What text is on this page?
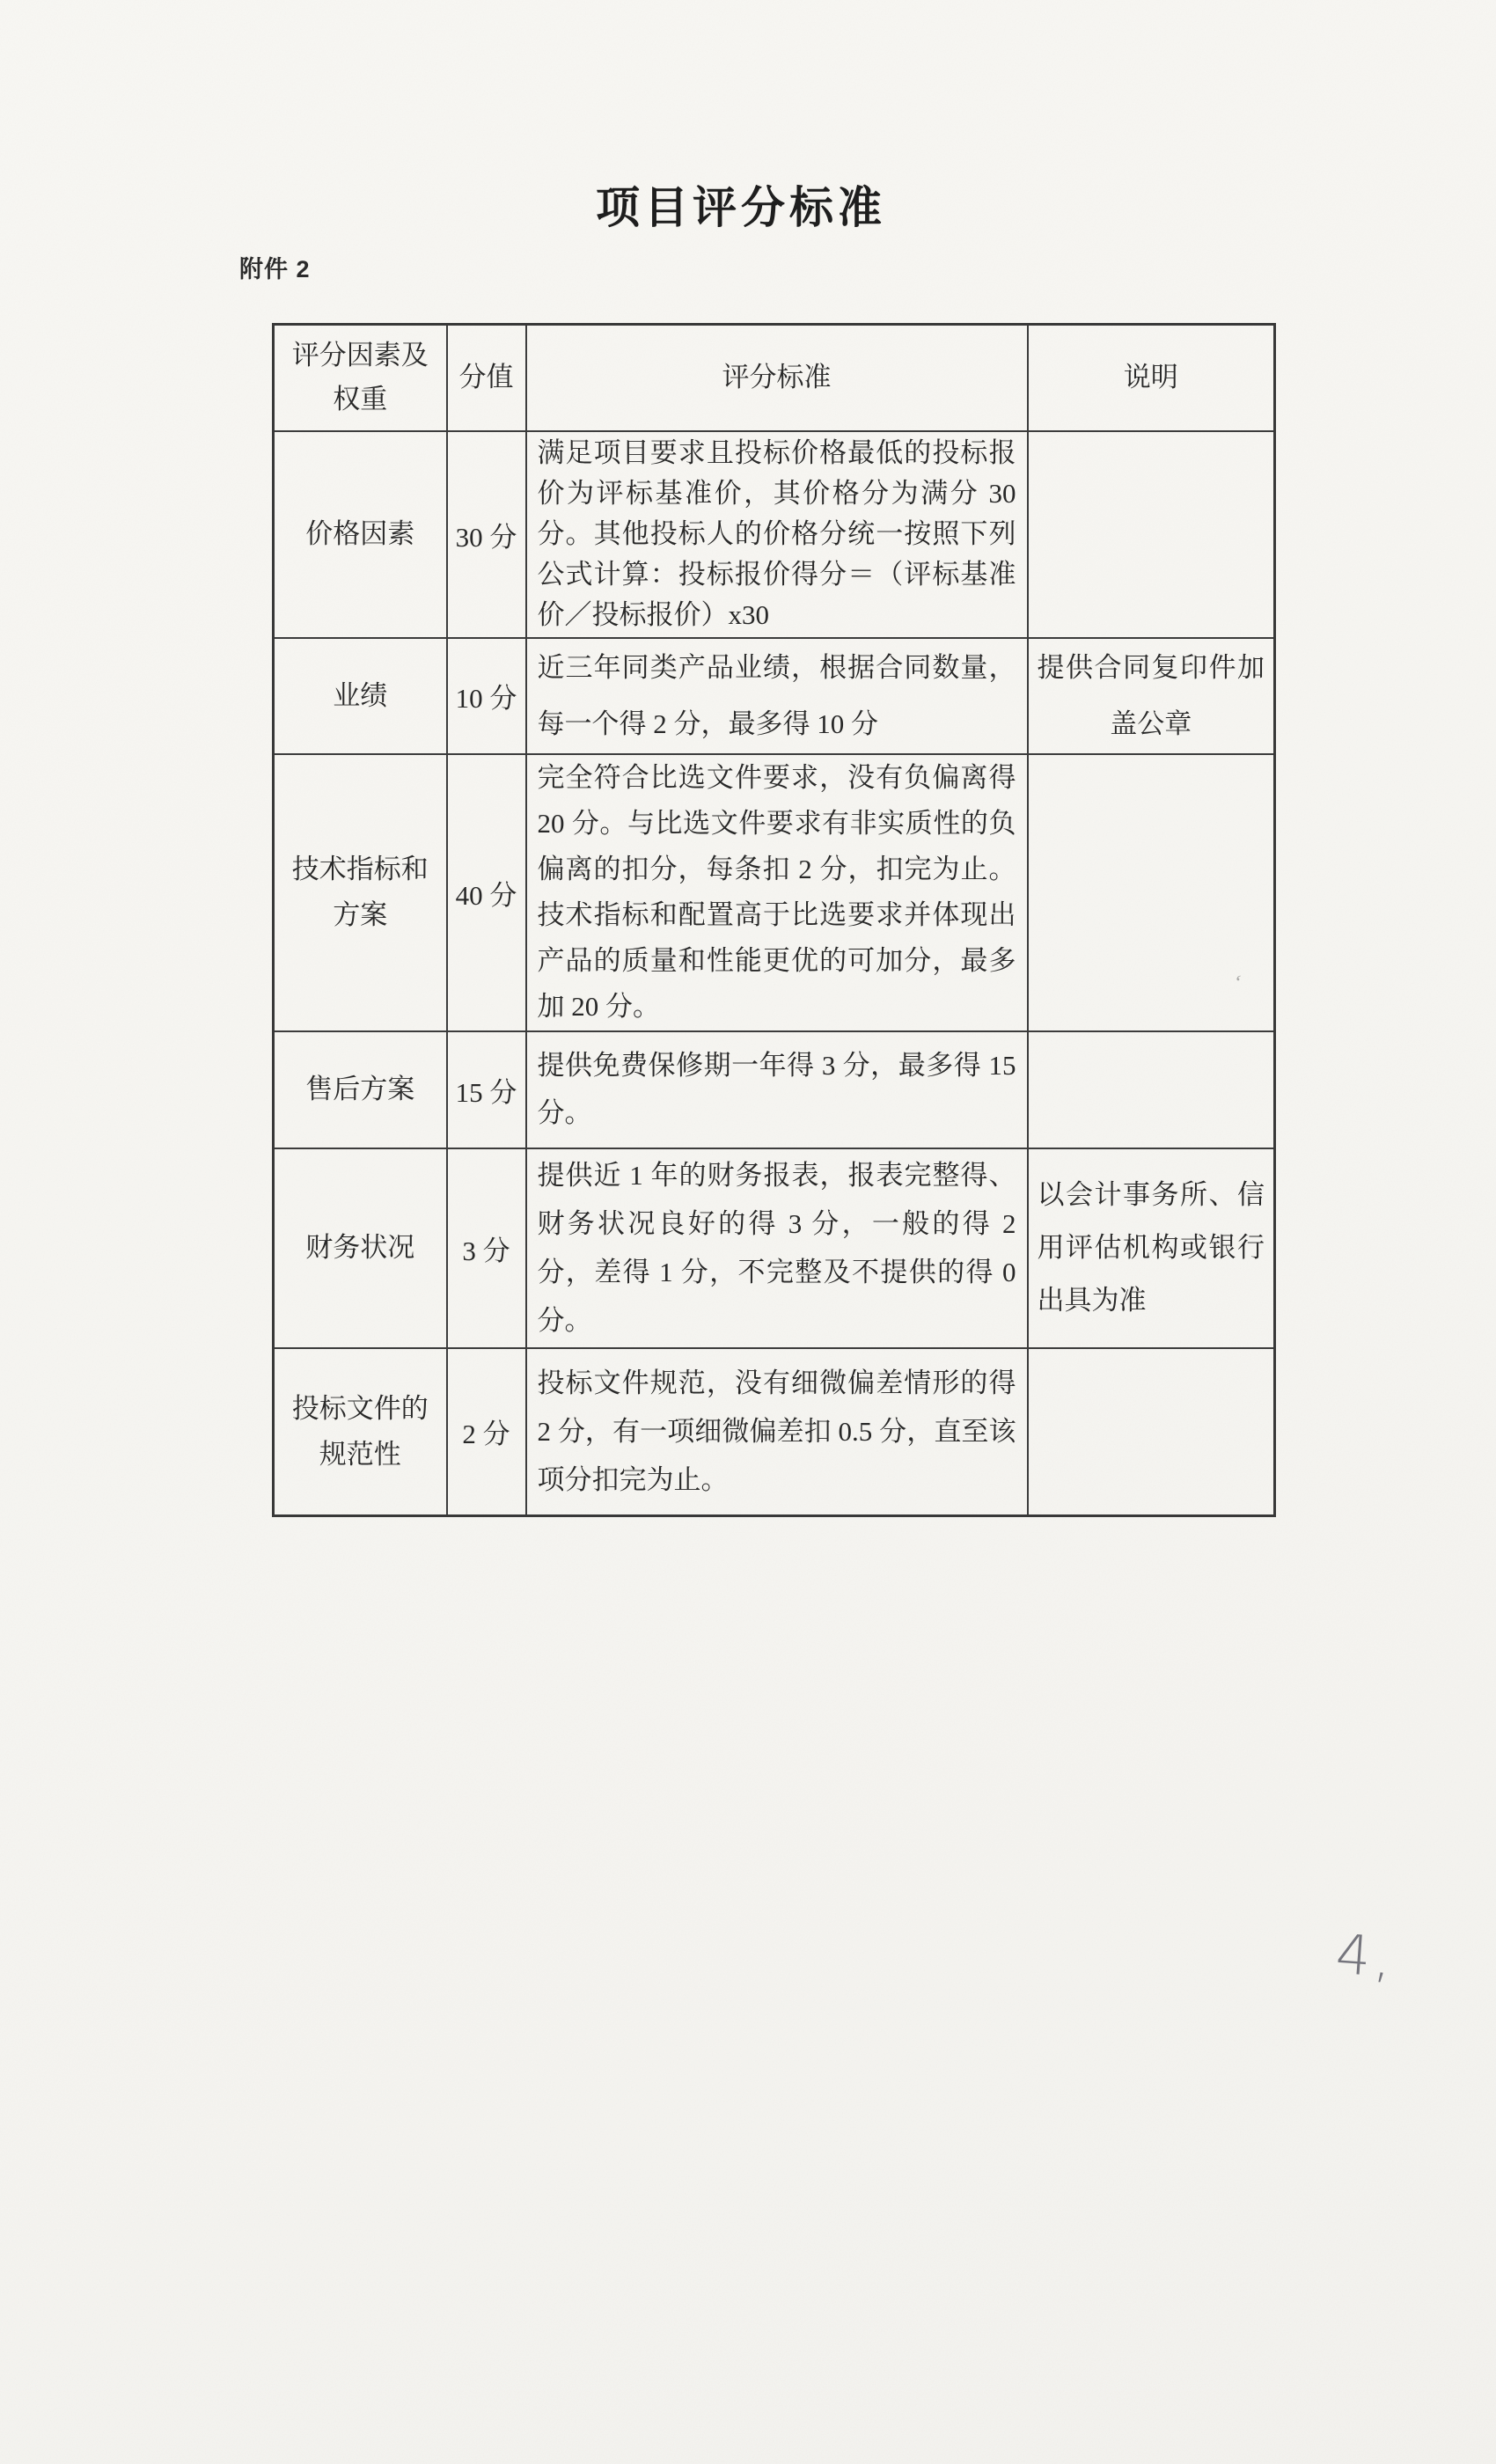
项目评分标准
附件 2
评分因素及权重	分值	评分标准	说明
价格因素	30 分	满足项目要求且投标价格最低的投标报价为评标基准价，其价格分为满分 30 分。其他投标人的价格分统一按照下列公式计算：投标报价得分＝（评标基准价／投标报价）x30	
业绩	10 分	近三年同类产品业绩，根据合同数量，每一个得 2 分，最多得 10 分	提供合同复印件加盖公章
技术指标和方案	40 分	完全符合比选文件要求，没有负偏离得 20 分。与比选文件要求有非实质性的负偏离的扣分，每条扣 2 分，扣完为止。技术指标和配置高于比选要求并体现出产品的质量和性能更优的可加分，最多加 20 分。	
售后方案	15 分	提供免费保修期一年得 3 分，最多得 15 分。	
财务状况	3 分	提供近 1 年的财务报表，报表完整得、财务状况良好的得 3 分，一般的得 2 分，差得 1 分，不完整及不提供的得 0 分。	以会计事务所、信用评估机构或银行出具为准
投标文件的规范性	2 分	投标文件规范，没有细微偏差情形的得 2 分，有一项细微偏差扣 0.5 分，直至该项分扣完为止。	
‘
4,
